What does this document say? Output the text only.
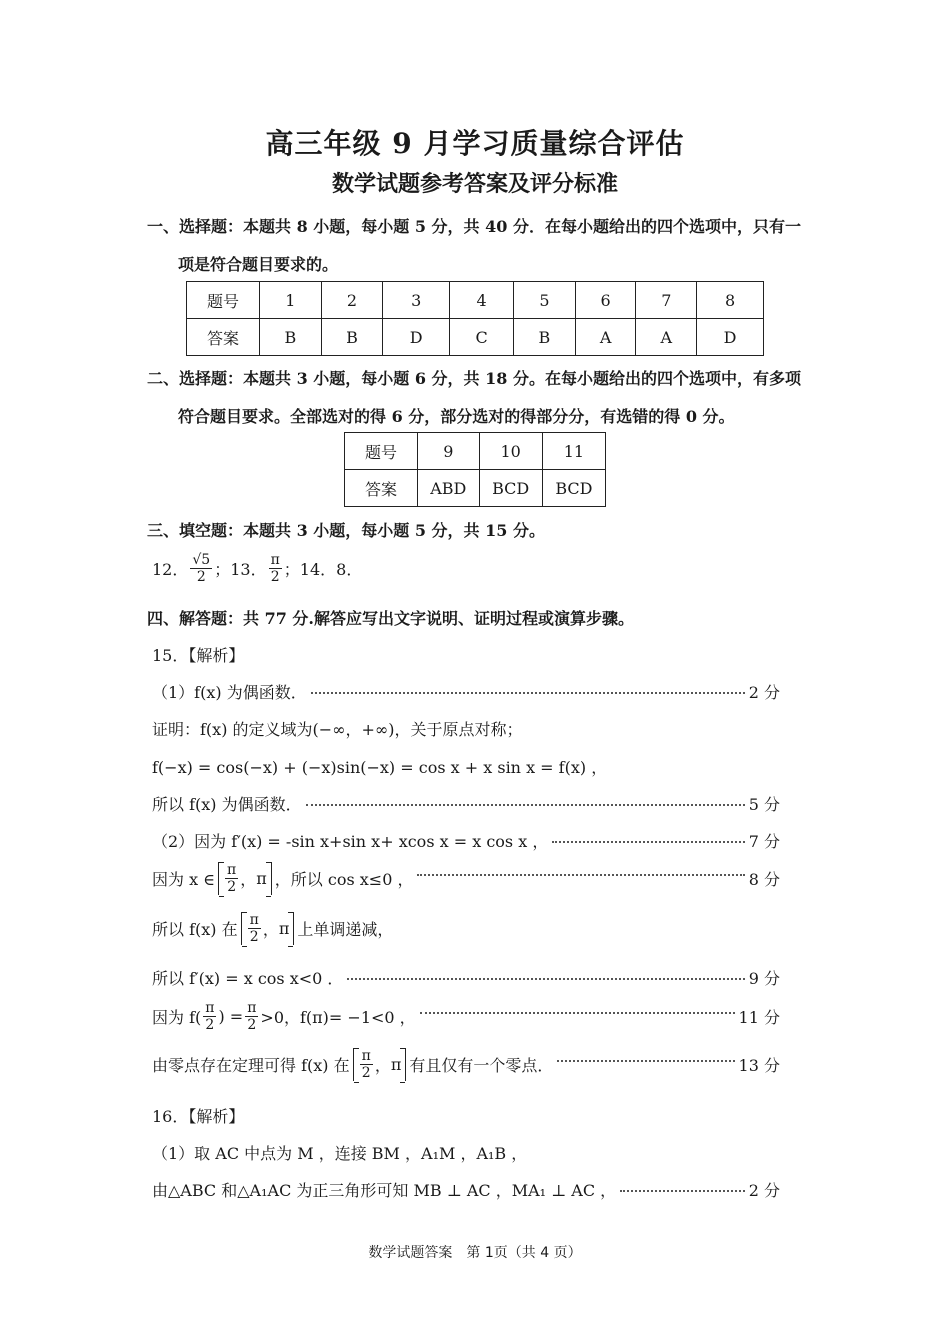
高三年级 9 月学习质量综合评估
数学试题参考答案及评分标准
一、选择题：本题共 8 小题，每小题 5 分，共 40 分．在每小题给出的四个选项中，只有一
项是符合题目要求的。
题号	1	2	3	4	5	6	7	8
答案	B	B	D	C	B	A	A	D
二、选择题：本题共 3 小题，每小题 6 分，共 18 分。在每小题给出的四个选项中，有多项
符合题目要求。全部选对的得 6 分，部分选对的得部分分，有选错的得 0 分。
题号	9	10	11
答案	ABD	BCD	BCD
三、填空题：本题共 3 小题，每小题 5 分，共 15 分。
12． $\frac{√5}{2}$ ；13． $\frac{\pi}{2}$ ；14．8．
四、解答题：共 77 分.解答应写出文字说明、证明过程或演算步骤。
15．【解析】
（1）f(x) 为偶函数．	2 分
证明：f(x) 的定义域为(−∞，+∞)，关于原点对称；
f(−x) = cos(−x) + (−x)sin(−x) = cos x + x sin x = f(x) ，
所以 f(x) 为偶函数．	5 分
（2）因为 f′(x) = -sin x+sin x+ xcos x = x cos x ，	7 分
因为 x ∈ $\frac{\pi}{2}$ ， π ，所以 cos x≤0 ，	8 分
所以 f(x) 在 $\frac{\pi}{2}$ ， π 上单调递减，
所以 f′(x) = x cos x<0 ．	9 分
因为 $f( \frac{\pi}{2}$ ) = $\frac{\pi}{2} >0$，f(π)= −1<0 ，	11 分
由零点存在定理可得 f(x) 在 $\frac{\pi}{2}$ ， π 有且仅有一个零点．	13 分
16．【解析】
（1）取 AC 中点为 M ，连接 BM ，A₁M ，A₁B ，
由△ABC 和△A₁AC 为正三角形可知 MB ⊥ AC ，MA₁ ⊥ AC ，	2 分
数学试题答案　第 1页（共 4 页）
